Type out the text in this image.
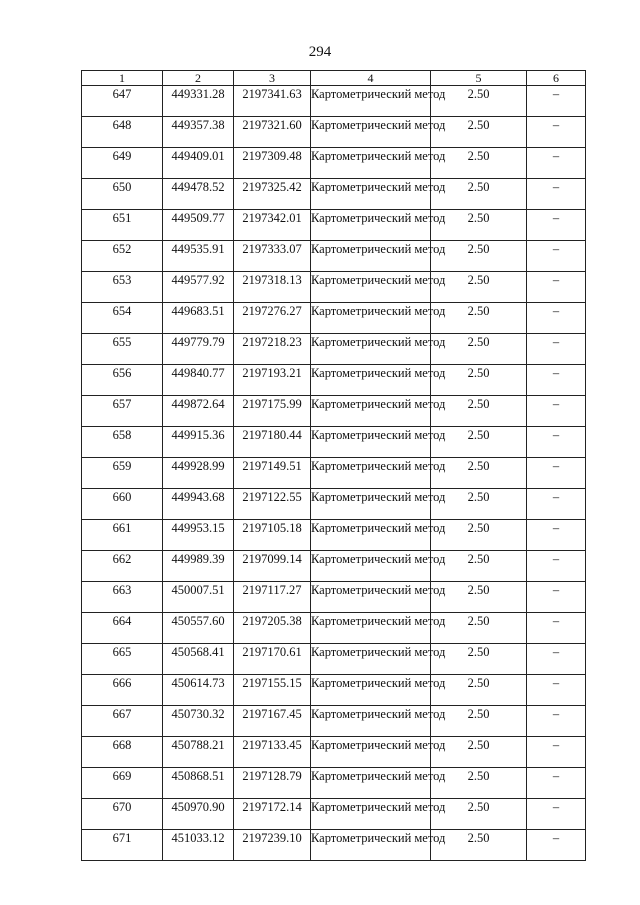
294
1	2	3	4	5	6
647	449331.28	2197341.63	Картометрический метод	2.50	–
648	449357.38	2197321.60	Картометрический метод	2.50	–
649	449409.01	2197309.48	Картометрический метод	2.50	–
650	449478.52	2197325.42	Картометрический метод	2.50	–
651	449509.77	2197342.01	Картометрический метод	2.50	–
652	449535.91	2197333.07	Картометрический метод	2.50	–
653	449577.92	2197318.13	Картометрический метод	2.50	–
654	449683.51	2197276.27	Картометрический метод	2.50	–
655	449779.79	2197218.23	Картометрический метод	2.50	–
656	449840.77	2197193.21	Картометрический метод	2.50	–
657	449872.64	2197175.99	Картометрический метод	2.50	–
658	449915.36	2197180.44	Картометрический метод	2.50	–
659	449928.99	2197149.51	Картометрический метод	2.50	–
660	449943.68	2197122.55	Картометрический метод	2.50	–
661	449953.15	2197105.18	Картометрический метод	2.50	–
662	449989.39	2197099.14	Картометрический метод	2.50	–
663	450007.51	2197117.27	Картометрический метод	2.50	–
664	450557.60	2197205.38	Картометрический метод	2.50	–
665	450568.41	2197170.61	Картометрический метод	2.50	–
666	450614.73	2197155.15	Картометрический метод	2.50	–
667	450730.32	2197167.45	Картометрический метод	2.50	–
668	450788.21	2197133.45	Картометрический метод	2.50	–
669	450868.51	2197128.79	Картометрический метод	2.50	–
670	450970.90	2197172.14	Картометрический метод	2.50	–
671	451033.12	2197239.10	Картометрический метод	2.50	–
